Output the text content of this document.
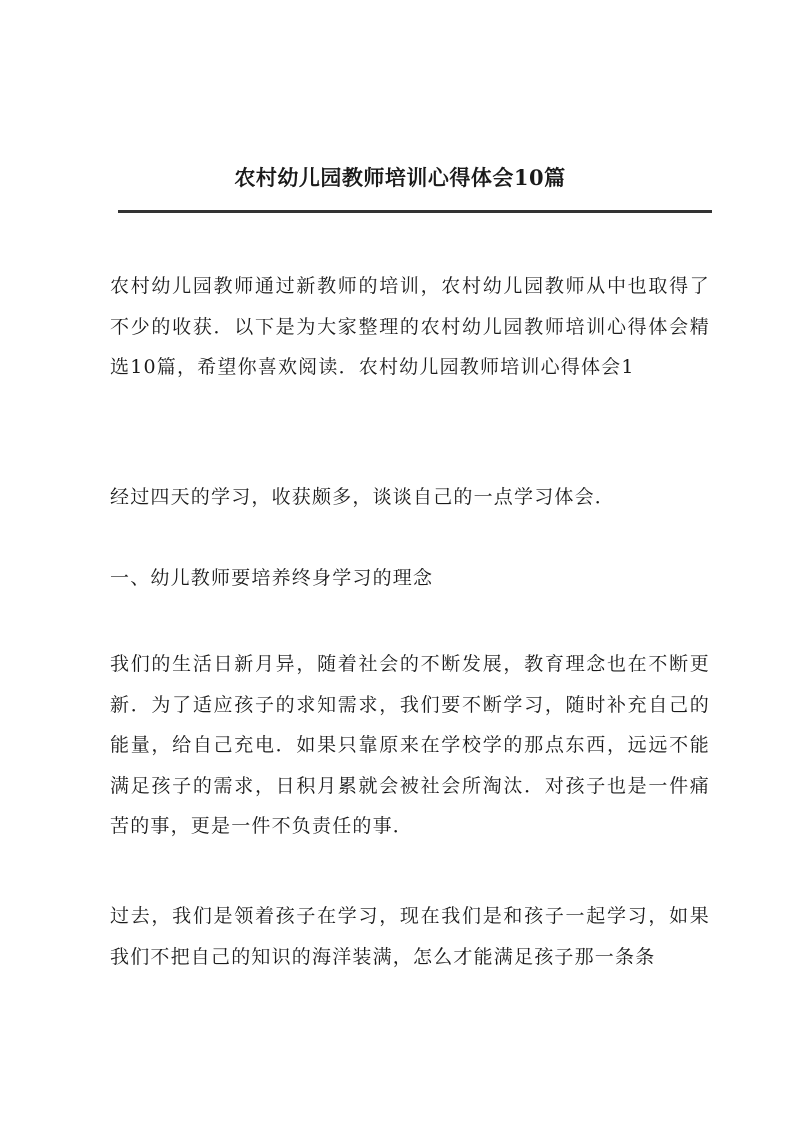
农村幼儿园教师培训心得体会10篇

农村幼儿园教师通过新教师的培训，农村幼儿园教师从中也取得了不少的收获．以下是为大家整理的农村幼儿园教师培训心得体会精选10篇，希望你喜欢阅读．农村幼儿园教师培训心得体会1

经过四天的学习，收获颇多，谈谈自己的一点学习体会．

一、幼儿教师要培养终身学习的理念

我们的生活日新月异，随着社会的不断发展，教育理念也在不断更新．为了适应孩子的求知需求，我们要不断学习，随时补充自己的能量，给自己充电．如果只靠原来在学校学的那点东西，远远不能满足孩子的需求，日积月累就会被社会所淘汰．对孩子也是一件痛苦的事，更是一件不负责任的事．

过去，我们是领着孩子在学习，现在我们是和孩子一起学习，如果我们不把自己的知识的海洋装满，怎么才能满足孩子那一条条
